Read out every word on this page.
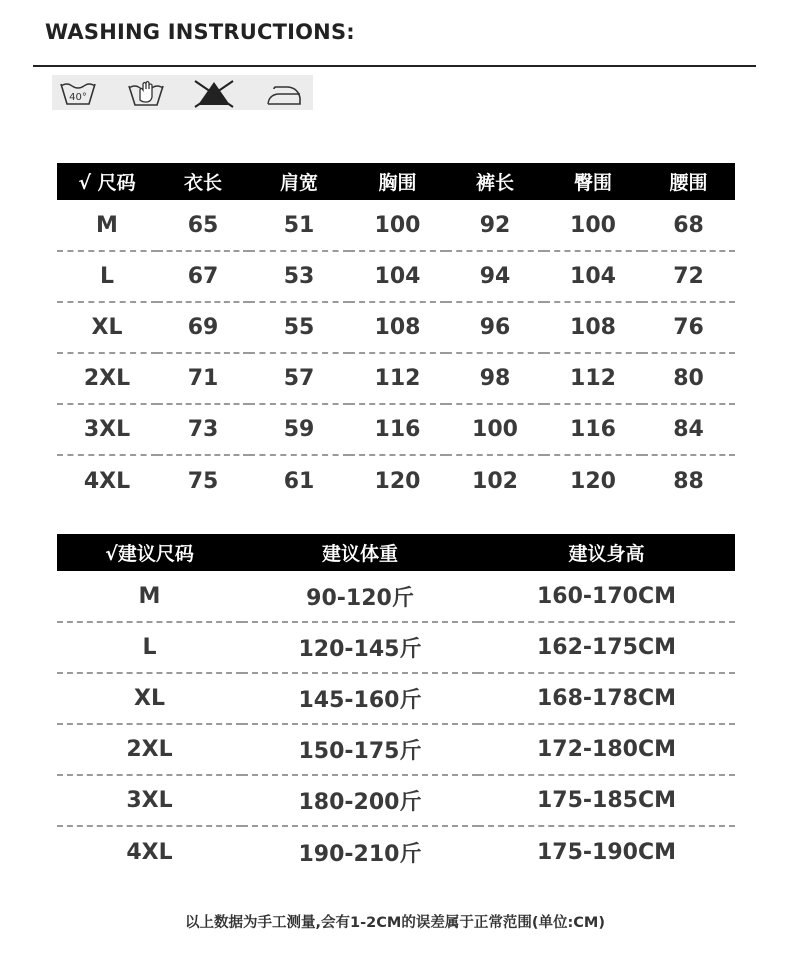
WASHING INSTRUCTIONS:
40°
√ 尺码	衣长	肩宽	胸围	裤长	臀围	腰围
M	65	51	100	92	100	68
L	67	53	104	94	104	72
XL	69	55	108	96	108	76
2XL	71	57	112	98	112	80
3XL	73	59	116	100	116	84
4XL	75	61	120	102	120	88
√建议尺码	建议体重	建议身高
M	90-120斤	160-170CM
L	120-145斤	162-175CM
XL	145-160斤	168-178CM
2XL	150-175斤	172-180CM
3XL	180-200斤	175-185CM
4XL	190-210斤	175-190CM
以上数据为手工测量,会有1-2CM的误差属于正常范围(单位:CM)
